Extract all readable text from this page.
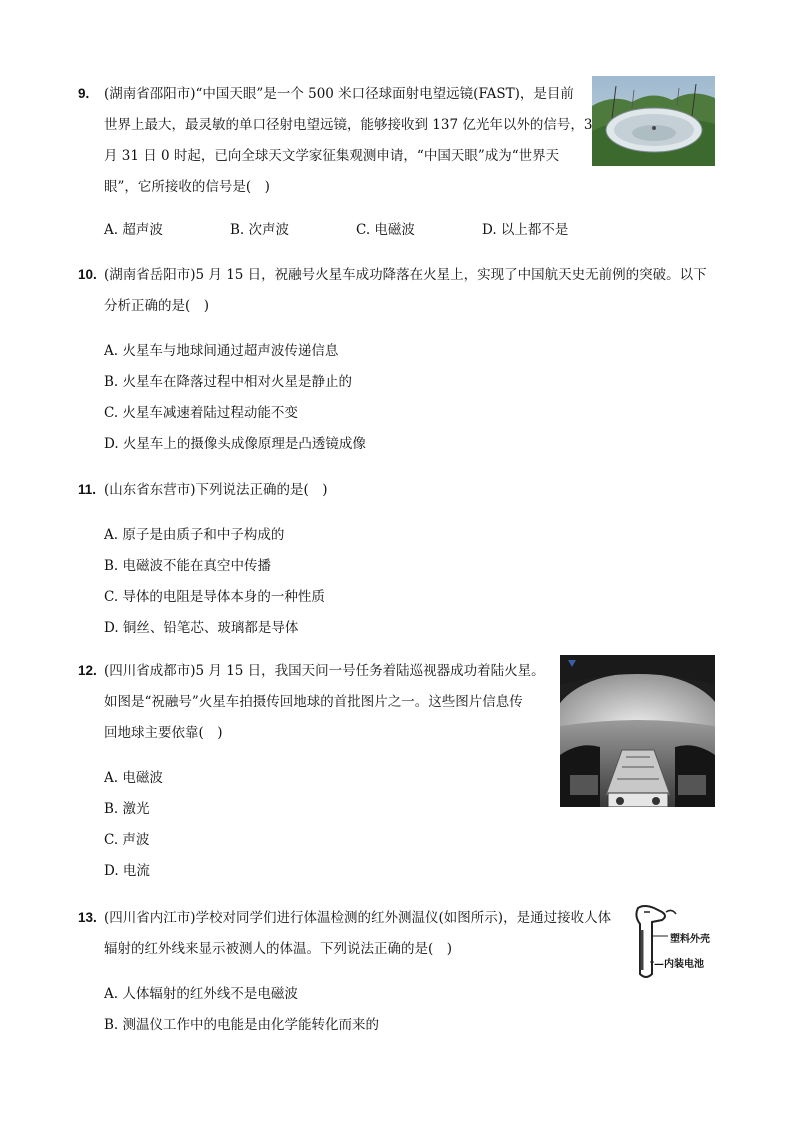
9. (湖南省邵阳市)“中国天眼”是一个 500 米口径球面射电望远镜(FAST)，是目前
世界上最大，最灵敏的单口径射电望远镜，能够接收到 137 亿光年以外的信号，3
月 31 日 0 时起，已向全球天文学家征集观测申请，“中国天眼”成为“世界天
眼”，它所接收的信号是(　)
A. 超声波	B. 次声波	C. 电磁波	D. 以上都不是
10. (湖南省岳阳市)5 月 15 日，祝融号火星车成功降落在火星上，实现了中国航天史无前例的突破。以下
分析正确的是(　)
A. 火星车与地球间通过超声波传递信息
B. 火星车在降落过程中相对火星是静止的
C. 火星车减速着陆过程动能不变
D. 火星车上的摄像头成像原理是凸透镜成像
11. (山东省东营市)下列说法正确的是(　)
A. 原子是由质子和中子构成的
B. 电磁波不能在真空中传播
C. 导体的电阻是导体本身的一种性质
D. 铜丝、铅笔芯、玻璃都是导体
12. (四川省成都市)5 月 15 日，我国天问一号任务着陆巡视器成功着陆火星。
如图是“祝融号”火星车拍摄传回地球的首批图片之一。这些图片信息传
回地球主要依靠(　)
A. 电磁波
B. 激光
C. 声波
D. 电流
13. (四川省内江市)学校对同学们进行体温检测的红外测温仪(如图所示)，是通过接收人体
辐射的红外线来显示被测人的体温。下列说法正确的是(　)
A. 人体辐射的红外线不是电磁波
B. 测温仪工作中的电能是由化学能转化而来的
塑料外壳
—内装电池
